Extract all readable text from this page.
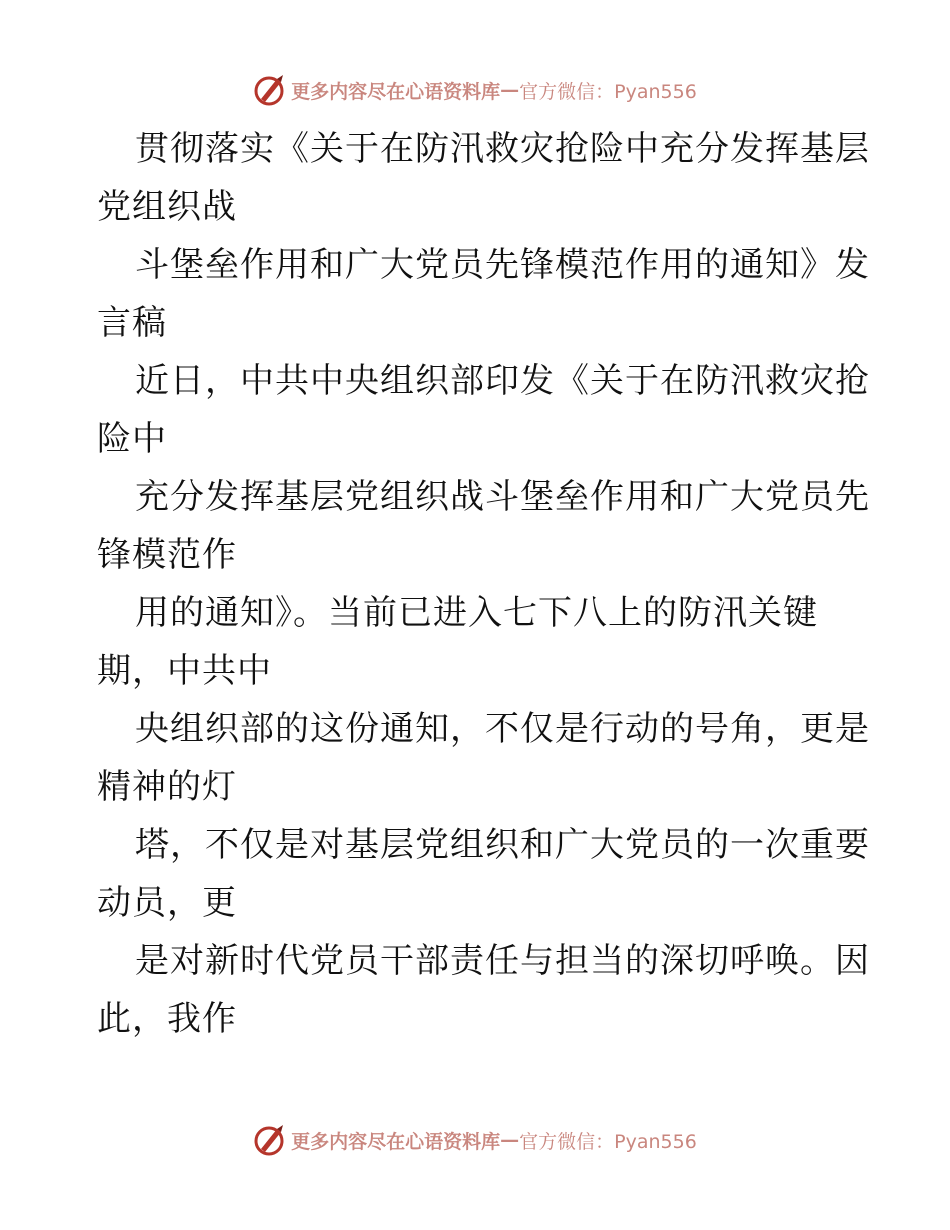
更多内容尽在心语资料库 — 官方微信：Pyan556
贯彻落实《关于在防汛救灾抢险中充分发挥基层
党组织战
斗堡垒作用和广大党员先锋模范作用的通知》发
言稿
近日，中共中央组织部印发《关于在防汛救灾抢
险中
充分发挥基层党组织战斗堡垒作用和广大党员先
锋模范作
用的通知》。当前已进入七下八上的防汛关键
期，中共中
央组织部的这份通知，不仅是行动的号角，更是
精神的灯
塔，不仅是对基层党组织和广大党员的一次重要
动员，更
是对新时代党员干部责任与担当的深切呼唤。因
此，我作
更多内容尽在心语资料库 — 官方微信：Pyan556
